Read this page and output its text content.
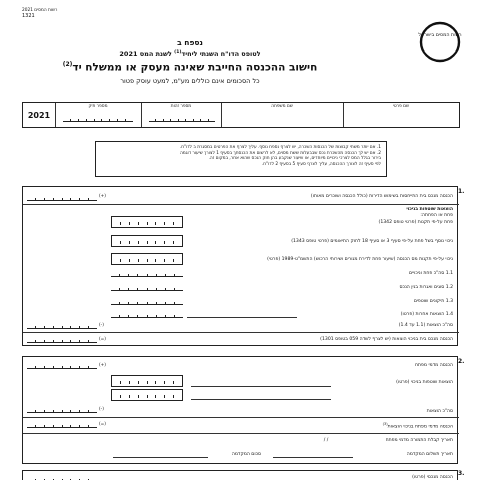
רשות המסים 2021
1321
רשות המסים בישראל
נספח ב
לטופס הדו"ח השנתי ליחיד$^{(1)}$ לשנת המס 2021
חישוב ההכנסה החייבת שאינה מעסק או ממשלח יד$^{(2)}$
כל הסכומים אינם כוללים מע"מ, למעט עוסק פטור
2021
מספר תיק	מספר זהות	שם משפחה	שם פרטי
1. אם יותר משתי קבוצות של הכנסות השכרה, יש לצרף נספח נוסף. עליך לצרף את הפרטים במסגרת ב לדו"ח.
2. אם יש לך הכנסה מהשכרת נכס שבבעלות ששת מסוים, לא לרשום את הכנסתך בסעיף 1 לצורך שיעור דוגמה
בירור בגלל המס לצרכי ניכויים מיוחדים, או שיעור שנקבע בהן חוק הנכס שהוא אחר, במקום זה.
לפי סעיף זה לצורך ההכנסה, עליך לצרף סעיף 5 בסעיף 2 לדו"ח.
1.
(+)	הכנסה מנכס בית התייחסות בשימוש הדירות (כולל הכנסה ושוכרים מאותו)
הוצאות שוטפות בניכוי
פחת או הפחתה:
פחת על-פי תקנות (פרטי טופס 1342)
ניכוי נוסף בשל פחת על-פי סעיף 3 או סעיף 18 לחוק התיאומים (פרטי טופס 1343)
ניכוי על-פי תקנות מס הכנסה (שיעור פחת לדירת מגורים ושירותי הרכוש) התשמ"ט-1989 (פרטי)
1.1 סה"כ פחת וניכויים
1.2 סוגים ואגרות בנין הנכס
1.3 תיקונים שוטפים
1.4 הוצאות אחרות (פרטו)
(-)	סה"כ הוצאות (1.1 עד 1.4)
(=)	הכנסה מנכס בית בניכוי הוצאות (יש לצרף לשדה 059 בטופס 1301)
2.
(+)	הכנסה מדמי מפתח
הוצאות שוטפות בניכוי (פרטו)
(-)	סה"כ הוצאות
(=)
הכנסה מדמי מפתח בניכוי הוצאות$^{(3)}$
/ /	תאריך קבלת התמורה מדמי מפתח
סכום המקדמה	תאריך תשלום המקדמה
3.
הכנסה מנכסי (פרטו)
